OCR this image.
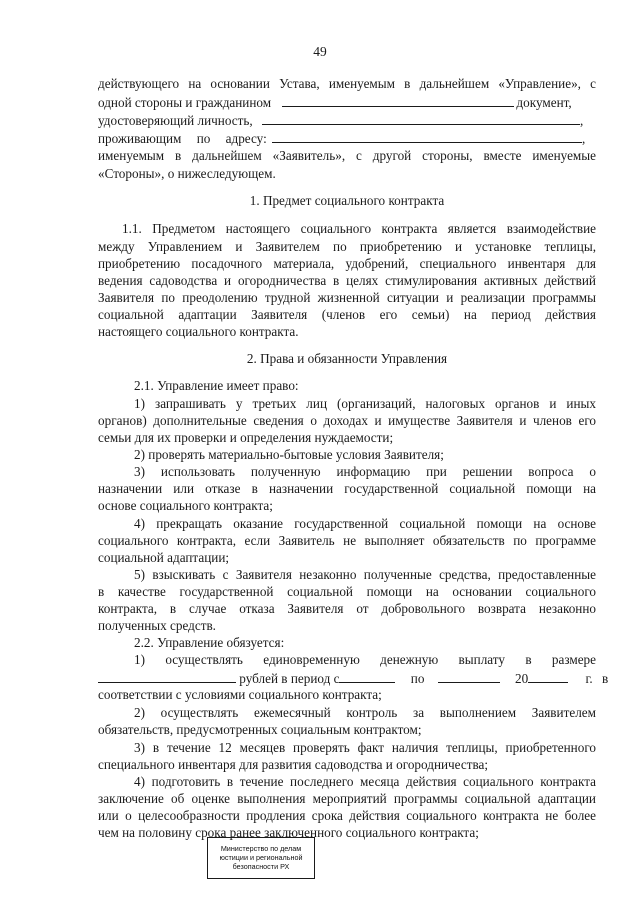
49
действующего на основании Устава, именуемым в дальнейшем «Управление», с
одной стороны и гражданином	документ,
удостоверяющий личность,	,
проживающим по адресу:	,
именуемым в дальнейшем «Заявитель», с другой стороны, вместе именуемые
«Стороны», о нижеследующем.
1. Предмет социального контракта
1.1. Предметом настоящего социального контракта является взаимодействие
между Управлением и Заявителем по приобретению и установке теплицы,
приобретению посадочного материала, удобрений, специального инвентаря для
ведения садоводства и огородничества в целях стимулирования активных действий
Заявителя по преодолению трудной жизненной ситуации и реализации программы
социальной адаптации Заявителя (членов его семьи) на период действия
настоящего социального контракта.
2. Права и обязанности Управления
2.1. Управление имеет право:
1) запрашивать у третьих лиц (организаций, налоговых органов и иных
органов) дополнительные сведения о доходах и имуществе Заявителя и членов его
семьи для их проверки и определения нуждаемости;
2) проверять материально-бытовые условия Заявителя;
3) использовать полученную информацию при решении вопроса о
назначении или отказе в назначении государственной социальной помощи на
основе социального контракта;
4) прекращать оказание государственной социальной помощи на основе
социального контракта, если Заявитель не выполняет обязательств по программе
социальной адаптации;
5) взыскивать с Заявителя незаконно полученные средства, предоставленные
в качестве государственной социальной помощи на основании социального
контракта, в случае отказа Заявителя от добровольного возврата незаконно
полученных средств.
2.2. Управление обязуется:
1) осуществлять единовременную денежную выплату в размере
рублей в период с	по	20	г. в
соответствии с условиями социального контракта;
2) осуществлять ежемесячный контроль за выполнением Заявителем
обязательств, предусмотренных социальным контрактом;
3) в течение 12 месяцев проверять факт наличия теплицы, приобретенного
специального инвентаря для развития садоводства и огородничества;
4) подготовить в течение последнего месяца действия социального контракта
заключение об оценке выполнения мероприятий программы социальной адаптации
или о целесообразности продления срока действия социального контракта не более
чем на половину срока ранее заключенного социального контракта;
Министерство по делам
юстиции и региональной
безопасности РХ
